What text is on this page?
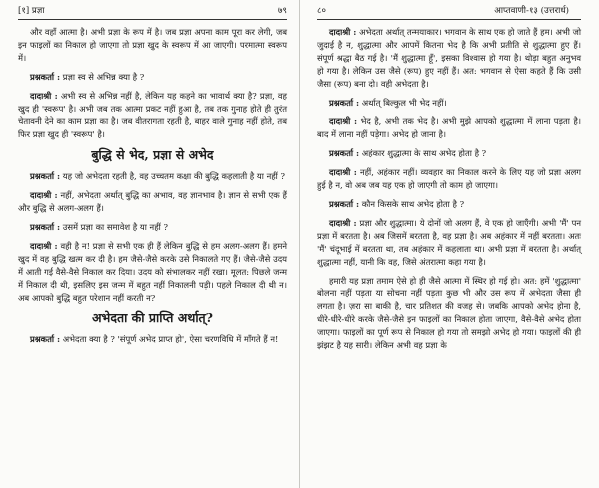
[१] प्रज्ञा	७९

और वहाँ आत्मा है। अभी प्रज्ञा के रूप में है। जब प्रज्ञा अपना काम पूरा कर लेगी, जब इन फाइलों का निकाल हो जाएगा तो प्रज्ञा खुद के स्वरूप में आ जाएगी। परमात्मा स्वरूप में।

प्रश्नकर्ता : प्रज्ञा स्व से अभिन्न क्या है ?

दादाश्री : अभी स्व से अभिन्न नहीं है, लेकिन यह कहने का भावार्थ क्या है? प्रज्ञा, वह खुद ही 'स्वरूप' है। अभी जब तक आत्मा प्रकट नहीं हुआ है, तब तक गुनाह होते ही तुरंत चेतावनी देने का काम प्रज्ञा का है। जब वीतरागता रहती है, बाहर वाले गुनाह नहीं होते, तब फिर प्रज्ञा खुद ही 'स्वरूप' है।

बुद्धि से भेद, प्रज्ञा से अभेद

प्रश्नकर्ता : यह जो अभेदता रहती है, वह उच्चतम कक्षा की बुद्धि कहलाती है या नहीं ?

दादाश्री : नहीं, अभेदता अर्थात् बुद्धि का अभाव, वह ज्ञानभाव है। ज्ञान से सभी एक हैं और बुद्धि से अलग-अलग हैं।

प्रश्नकर्ता : उसमें प्रज्ञा का समावेश है या नहीं ?

दादाश्री : वही है न! प्रज्ञा से सभी एक ही हैं लेकिन बुद्धि से हम अलग-अलग हैं। हमने खुद में वह बुद्धि खत्म कर दी है। हम जैसे-जैसे करके उसे निकालते गए हैं। जैसे-जैसे उदय में आती गई वैसे-वैसे निकाल कर दिया। उदय को संभालकर नहीं रखा। मूलत: पिछले जन्म में निकाल दी थी, इसलिए इस जन्म में बहुत नहीं निकालनी पड़ी। पहले निकाल दी थी न। अब आपको बुद्धि बहुत परेशान नहीं करती न?

अभेदता की प्राप्ति अर्थात्?

प्रश्नकर्ता : अभेदता क्या है ? 'संपूर्ण अभेद प्राप्त हो', ऐसा चरणविधि में माँगते हैं न!

८०	आप्तवाणी-१३ (उत्तरार्ध)

दादाश्री : अभेदता अर्थात् तन्मयाकार। भगवान के साथ एक हो जाते हैं हम। अभी जो जुदाई है न, शुद्धात्मा और आपमें कितना भेद है कि अभी प्रतीति से शुद्धात्मा हुए हैं। संपूर्ण श्रद्धा बैठ गई है। 'मैं शुद्धात्मा हूँ', इसका विश्वास हो गया है। थोड़ा बहुत अनुभव हो गया है। लेकिन उस जैसे (रूप) हुए नहीं हैं। अत: भगवान से ऐसा कहते हैं कि उसी जैसा (रूप) बना दो। वही अभेदता है।

प्रश्नकर्ता : अर्थात् बिल्कुल भी भेद नहीं।

दादाश्री : भेद है, अभी तक भेद है। अभी मुझे आपको शुद्धात्मा में लाना पड़ता है। बाद में लाना नहीं पड़ेगा। अभेद हो जाना है।

प्रश्नकर्ता : अहंकार शुद्धात्मा के साथ अभेद होता है ?

दादाश्री : नहीं, अहंकार नहीं। व्यवहार का निकाल करने के लिए यह जो प्रज्ञा अलग हुई है न, वो अब जब यह एक हो जाएगी तो काम हो जाएगा।

प्रश्नकर्ता : कौन किसके साथ अभेद होता है ?

दादाश्री : प्रज्ञा और शुद्धात्मा। ये दोनों जो अलग हैं, वे एक हो जाएँगी। अभी 'मैं' पन प्रज्ञा में बरतता है। अब जिसमें बरतता है, वह प्रज्ञा है। अब अहंकार में नहीं बरतता। अतः 'मैं' चंदूभाई में बरतता था, तब अहंकार में कहलाता था। अभी प्रज्ञा में बरतता है। अर्थात् शुद्धात्मा नहीं, यानी कि वह, जिसे अंतरात्मा कहा गया है।

हमारी यह प्रज्ञा तमाम ऐसे हो ही जैसे आत्मा में स्थिर हो गई हो। अत: हमें 'शुद्धात्मा' बोलना नहीं पड़ता या सोचना नहीं पड़ता कुछ भी और उस रूप में अभेदता जैसा ही लगता है। ज़रा सा बाकी है, चार प्रतिशत की वजह से। जबकि आपको अभेद होना है, धीरे-धीरे-धीरे करके जैसे-जैसे इन फाइलों का निकाल होता जाएगा, वैसे-वैसे अभेद होता जाएगा। फाइलों का पूर्ण रूप से निकाल हो गया तो समझो अभेद हो गया। फाइलों की ही झंझट है यह सारी। लेकिन अभी वह प्रज्ञा के
